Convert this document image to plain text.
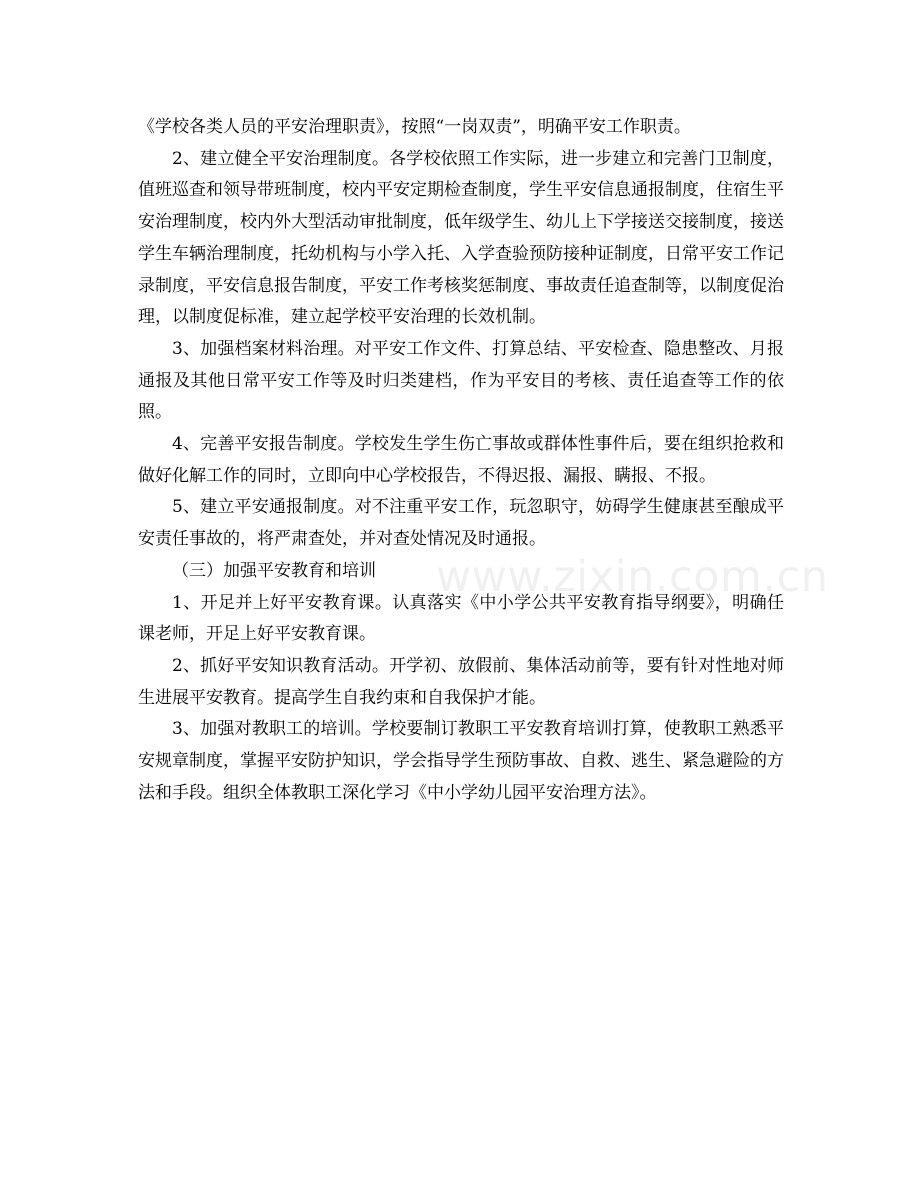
《学校各类人员的平安治理职责》，按照“一岗双责”，明确平安工作职责。

2、建立健全平安治理制度。各学校依照工作实际，进一步建立和完善门卫制度，值班巡查和领导带班制度，校内平安定期检查制度，学生平安信息通报制度，住宿生平安治理制度，校内外大型活动审批制度，低年级学生、幼儿上下学接送交接制度，接送学生车辆治理制度，托幼机构与小学入托、入学查验预防接种证制度，日常平安工作记录制度，平安信息报告制度，平安工作考核奖惩制度、事故责任追查制等，以制度促治理，以制度促标准，建立起学校平安治理的长效机制。

3、加强档案材料治理。对平安工作文件、打算总结、平安检查、隐患整改、月报通报及其他日常平安工作等及时归类建档，作为平安目的考核、责任追查等工作的依照。

4、完善平安报告制度。学校发生学生伤亡事故或群体性事件后，要在组织抢救和做好化解工作的同时，立即向中心学校报告，不得迟报、漏报、瞒报、不报。

5、建立平安通报制度。对不注重平安工作，玩忽职守，妨碍学生健康甚至酿成平安责任事故的，将严肃查处，并对查处情况及时通报。

（三）加强平安教育和培训

1、开足并上好平安教育课。认真落实《中小学公共平安教育指导纲要》，明确任课老师，开足上好平安教育课。

2、抓好平安知识教育活动。开学初、放假前、集体活动前等，要有针对性地对师生进展平安教育。提高学生自我约束和自我保护才能。

3、加强对教职工的培训。学校要制订教职工平安教育培训打算，使教职工熟悉平安规章制度，掌握平安防护知识，学会指导学生预防事故、自救、逃生、紧急避险的方法和手段。组织全体教职工深化学习《中小学幼儿园平安治理方法》。

www.zixin.com.cn
